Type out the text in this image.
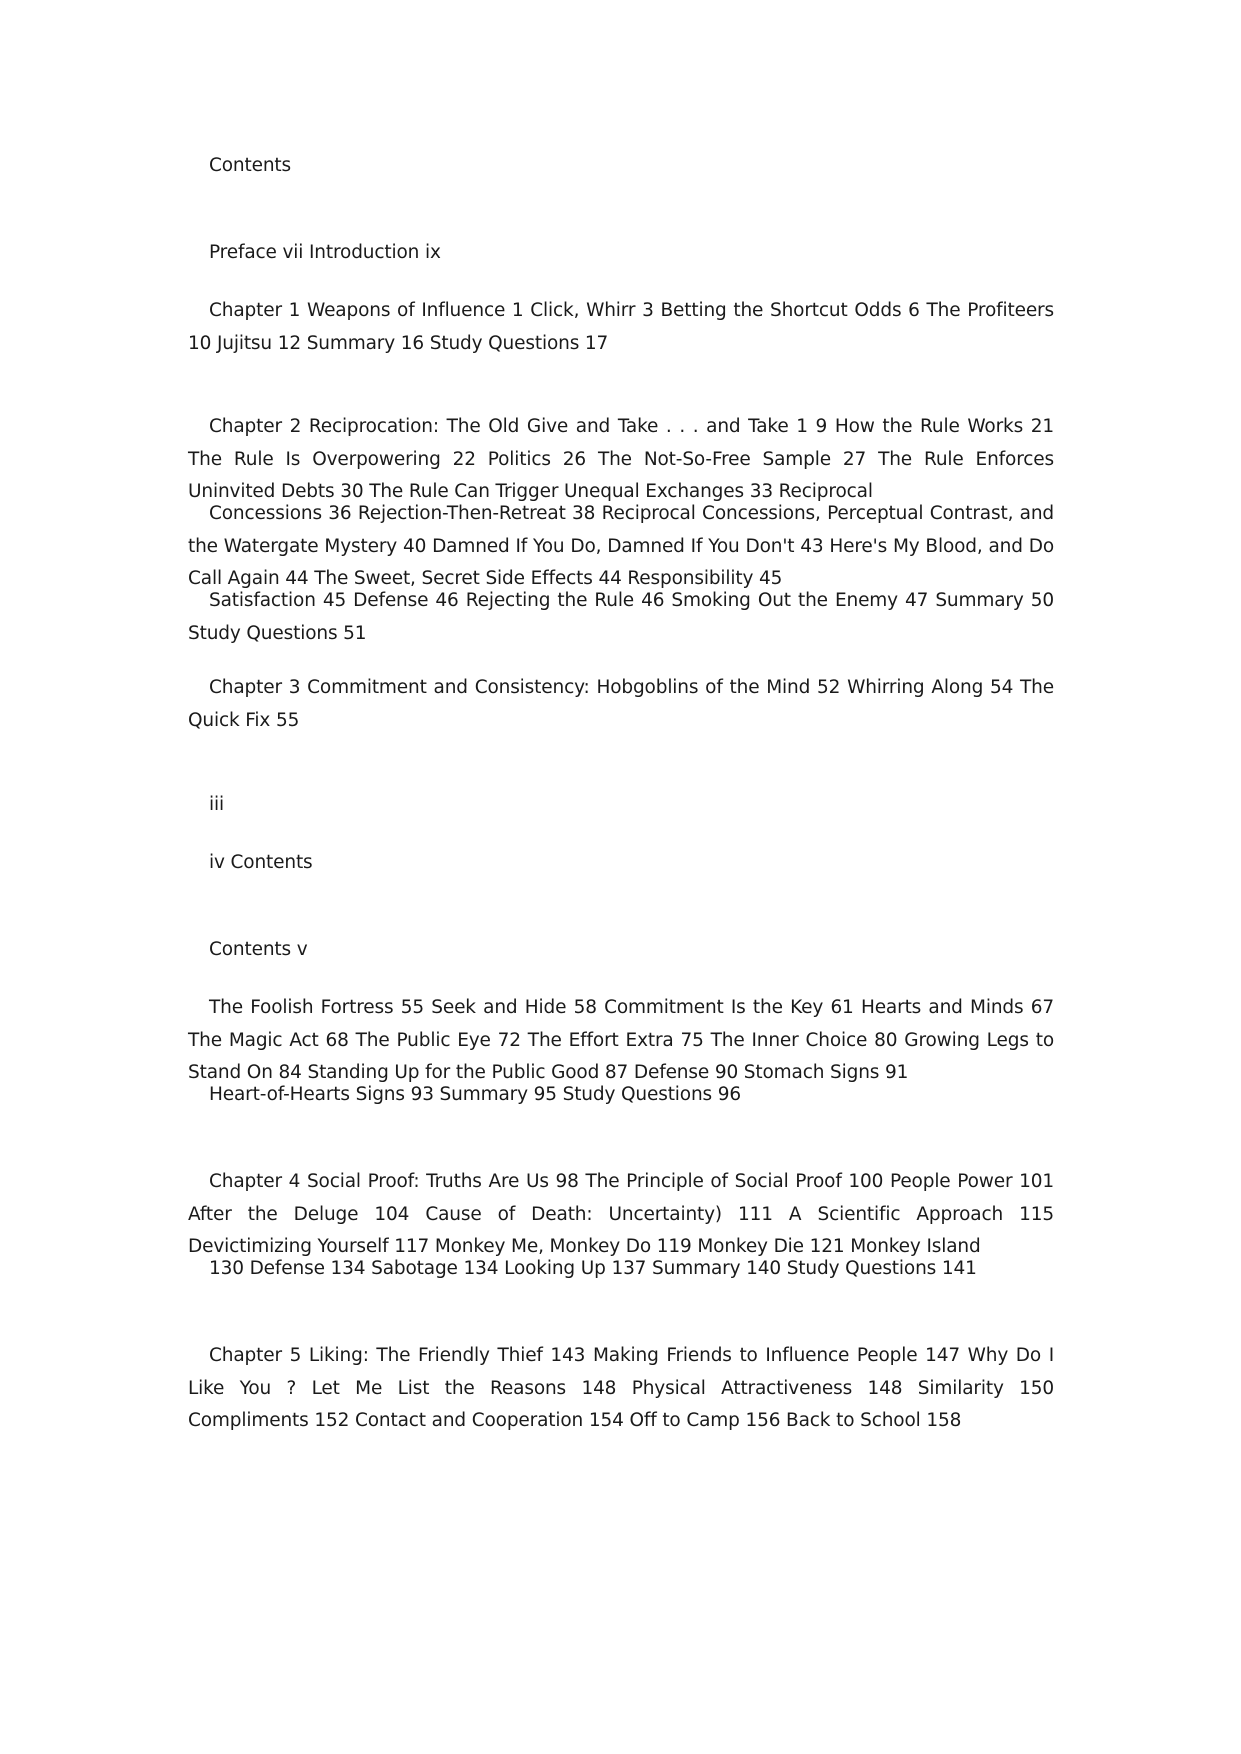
Contents

Preface vii Introduction ix

Chapter 1 Weapons of Influence 1 Click, Whirr 3 Betting the Shortcut Odds 6 The Profiteers 10 Jujitsu 12 Summary 16 Study Questions 17

Chapter 2 Reciprocation: The Old Give and Take . . . and Take 1 9 How the Rule Works 21 The Rule Is Overpowering 22 Politics 26 The Not-So-Free Sample 27 The Rule Enforces Uninvited Debts 30 The Rule Can Trigger Unequal Exchanges 33 Reciprocal

Concessions 36 Rejection-Then-Retreat 38 Reciprocal Concessions, Perceptual Contrast, and the Watergate Mystery 40 Damned If You Do, Damned If You Don't 43 Here's My Blood, and Do Call Again 44 The Sweet, Secret Side Effects 44 Responsibility 45

Satisfaction 45 Defense 46 Rejecting the Rule 46 Smoking Out the Enemy 47 Summary 50 Study Questions 51

Chapter 3 Commitment and Consistency: Hobgoblins of the Mind 52 Whirring Along 54 The Quick Fix 55

iii

iv Contents

Contents v

The Foolish Fortress 55 Seek and Hide 58 Commitment Is the Key 61 Hearts and Minds 67 The Magic Act 68 The Public Eye 72 The Effort Extra 75 The Inner Choice 80 Growing Legs to Stand On 84 Standing Up for the Public Good 87 Defense 90 Stomach Signs 91

Heart-of-Hearts Signs 93 Summary 95 Study Questions 96

Chapter 4 Social Proof: Truths Are Us 98 The Principle of Social Proof 100 People Power 101 After the Deluge 104 Cause of Death: Uncertainty) 111 A Scientific Approach 115 Devictimizing Yourself 117 Monkey Me, Monkey Do 119 Monkey Die 121 Monkey Island

130 Defense 134 Sabotage 134 Looking Up 137 Summary 140 Study Questions 141

Chapter 5 Liking: The Friendly Thief 143 Making Friends to Influence People 147 Why Do I Like You ? Let Me List the Reasons 148 Physical Attractiveness 148 Similarity 150 Compliments 152 Contact and Cooperation 154 Off to Camp 156 Back to School 158
